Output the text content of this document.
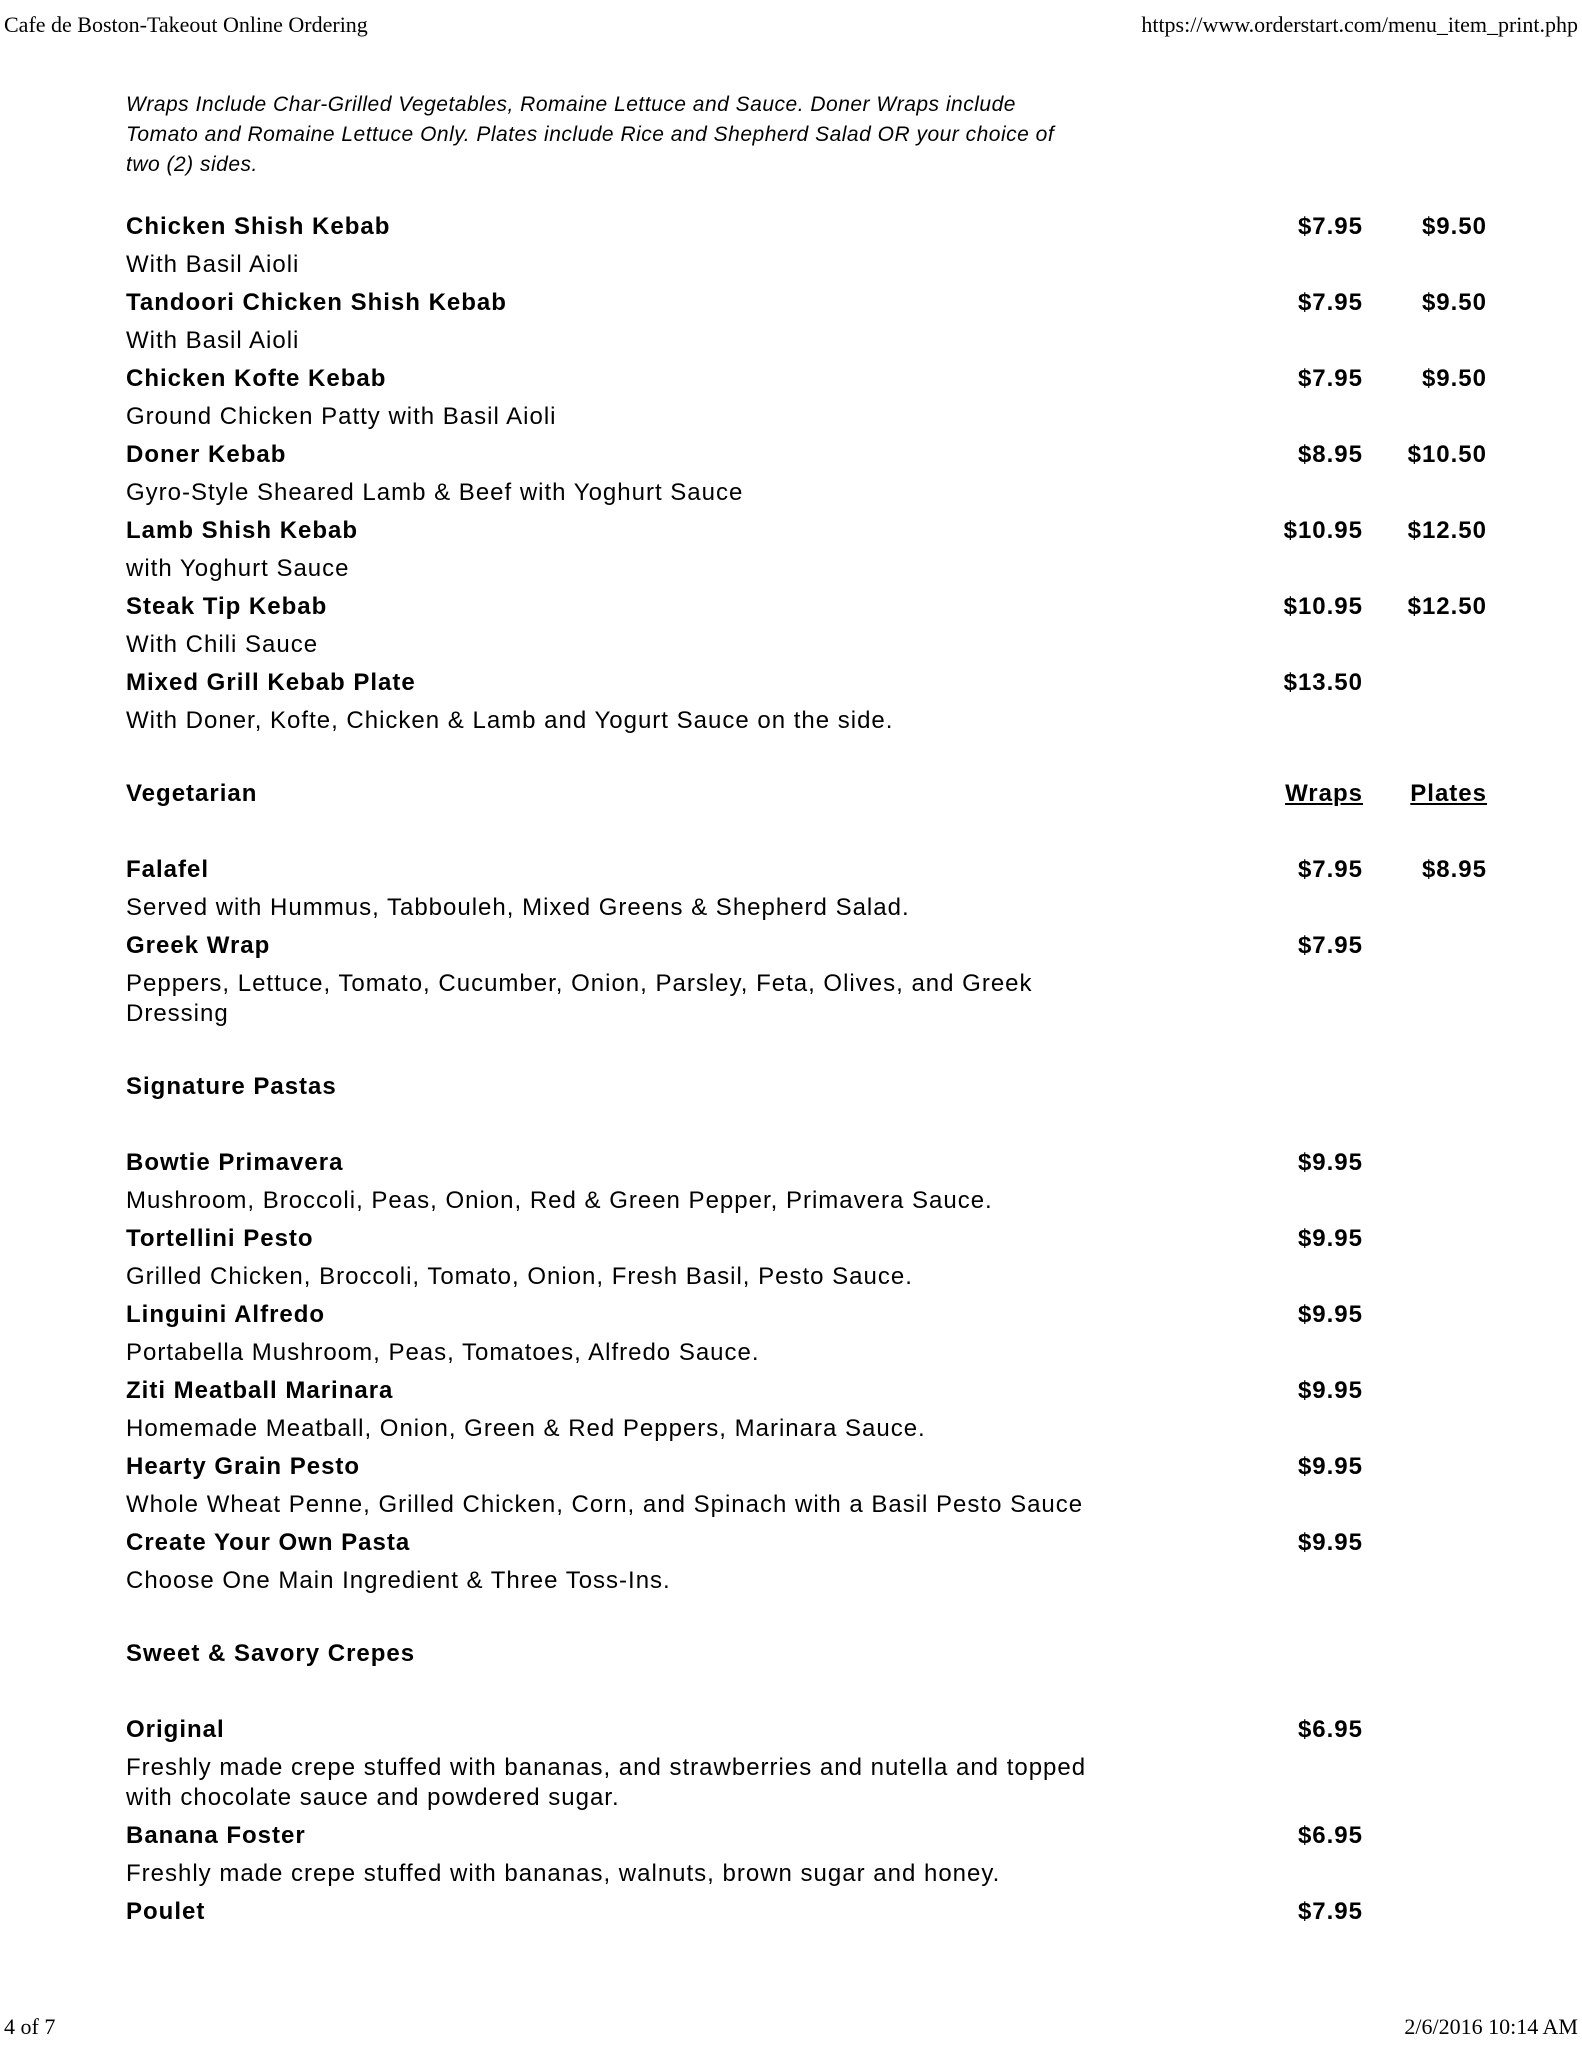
Cafe de Boston-Takeout Online Ordering	https://www.orderstart.com/menu_item_print.php
Wraps Include Char-Grilled Vegetables, Romaine Lettuce and Sauce. Doner Wraps include
Tomato and Romaine Lettuce Only. Plates include Rice and Shepherd Salad OR your choice of
two (2) sides.
Chicken Shish Kebab	$7.95	$9.50
With Basil Aioli
Tandoori Chicken Shish Kebab	$7.95	$9.50
With Basil Aioli
Chicken Kofte Kebab	$7.95	$9.50
Ground Chicken Patty with Basil Aioli
Doner Kebab	$8.95	$10.50
Gyro-Style Sheared Lamb & Beef with Yoghurt Sauce
Lamb Shish Kebab	$10.95	$12.50
with Yoghurt Sauce
Steak Tip Kebab	$10.95	$12.50
With Chili Sauce
Mixed Grill Kebab Plate	$13.50
With Doner, Kofte, Chicken & Lamb and Yogurt Sauce on the side.
Vegetarian	Wraps	Plates
Falafel	$7.95	$8.95
Served with Hummus, Tabbouleh, Mixed Greens & Shepherd Salad.
Greek Wrap	$7.95
Peppers, Lettuce, Tomato, Cucumber, Onion, Parsley, Feta, Olives, and Greek Dressing
Signature Pastas
Bowtie Primavera	$9.95
Mushroom, Broccoli, Peas, Onion, Red & Green Pepper, Primavera Sauce.
Tortellini Pesto	$9.95
Grilled Chicken, Broccoli, Tomato, Onion, Fresh Basil, Pesto Sauce.
Linguini Alfredo	$9.95
Portabella Mushroom, Peas, Tomatoes, Alfredo Sauce.
Ziti Meatball Marinara	$9.95
Homemade Meatball, Onion, Green & Red Peppers, Marinara Sauce.
Hearty Grain Pesto	$9.95
Whole Wheat Penne, Grilled Chicken, Corn, and Spinach with a Basil Pesto Sauce
Create Your Own Pasta	$9.95
Choose One Main Ingredient & Three Toss-Ins.
Sweet & Savory Crepes
Original	$6.95
Freshly made crepe stuffed with bananas, and strawberries and nutella and topped with chocolate sauce and powdered sugar.
Banana Foster	$6.95
Freshly made crepe stuffed with bananas, walnuts, brown sugar and honey.
Poulet	$7.95
4 of 7	2/6/2016 10:14 AM
